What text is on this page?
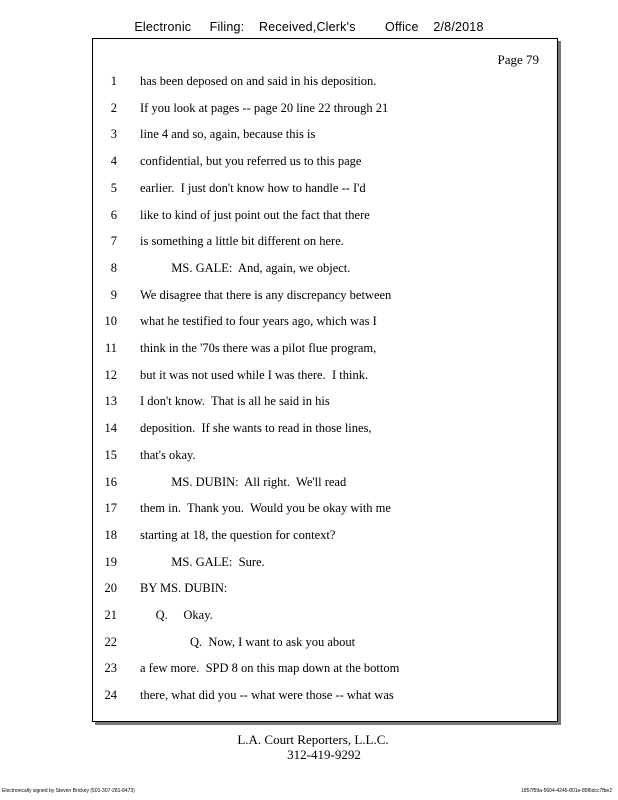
Electronic     Filing:    Received,Clerk's        Office    2/8/2018
Page 79
1 has been deposed on and said in his deposition.
2 If you look at pages -- page 20 line 22 through 21
3 line 4 and so, again, because this is
4 confidential, but you referred us to this page
5 earlier.  I just don't know how to handle -- I'd
6 like to kind of just point out the fact that there
7 is something a little bit different on here.
8 MS. GALE:  And, again, we object.
9 We disagree that there is any discrepancy between
10 what he testified to four years ago, which was I
11 think in the '70s there was a pilot flue program,
12 but it was not used while I was there.  I think.
13 I don't know.  That is all he said in his
14 deposition.  If she wants to read in those lines,
15 that's okay.
16 MS. DUBIN:  All right.  We'll read
17 them in.  Thank you.  Would you be okay with me
18 starting at 18, the question for context?
19 MS. GALE:  Sure.
20 BY MS. DUBIN:
21 Q.     Okay.
22 Q.  Now, I want to ask you about
23 a few more.  SPD 8 on this map down at the bottom
24 there, what did you -- what were those -- what was
L.A. Court Reporters, L.L.C.
312-419-9292
Electronically signed by Steven Brickey (501-307-281-8473)	1857f59a-5604-4245-801e-85f6dcc7fbe2
